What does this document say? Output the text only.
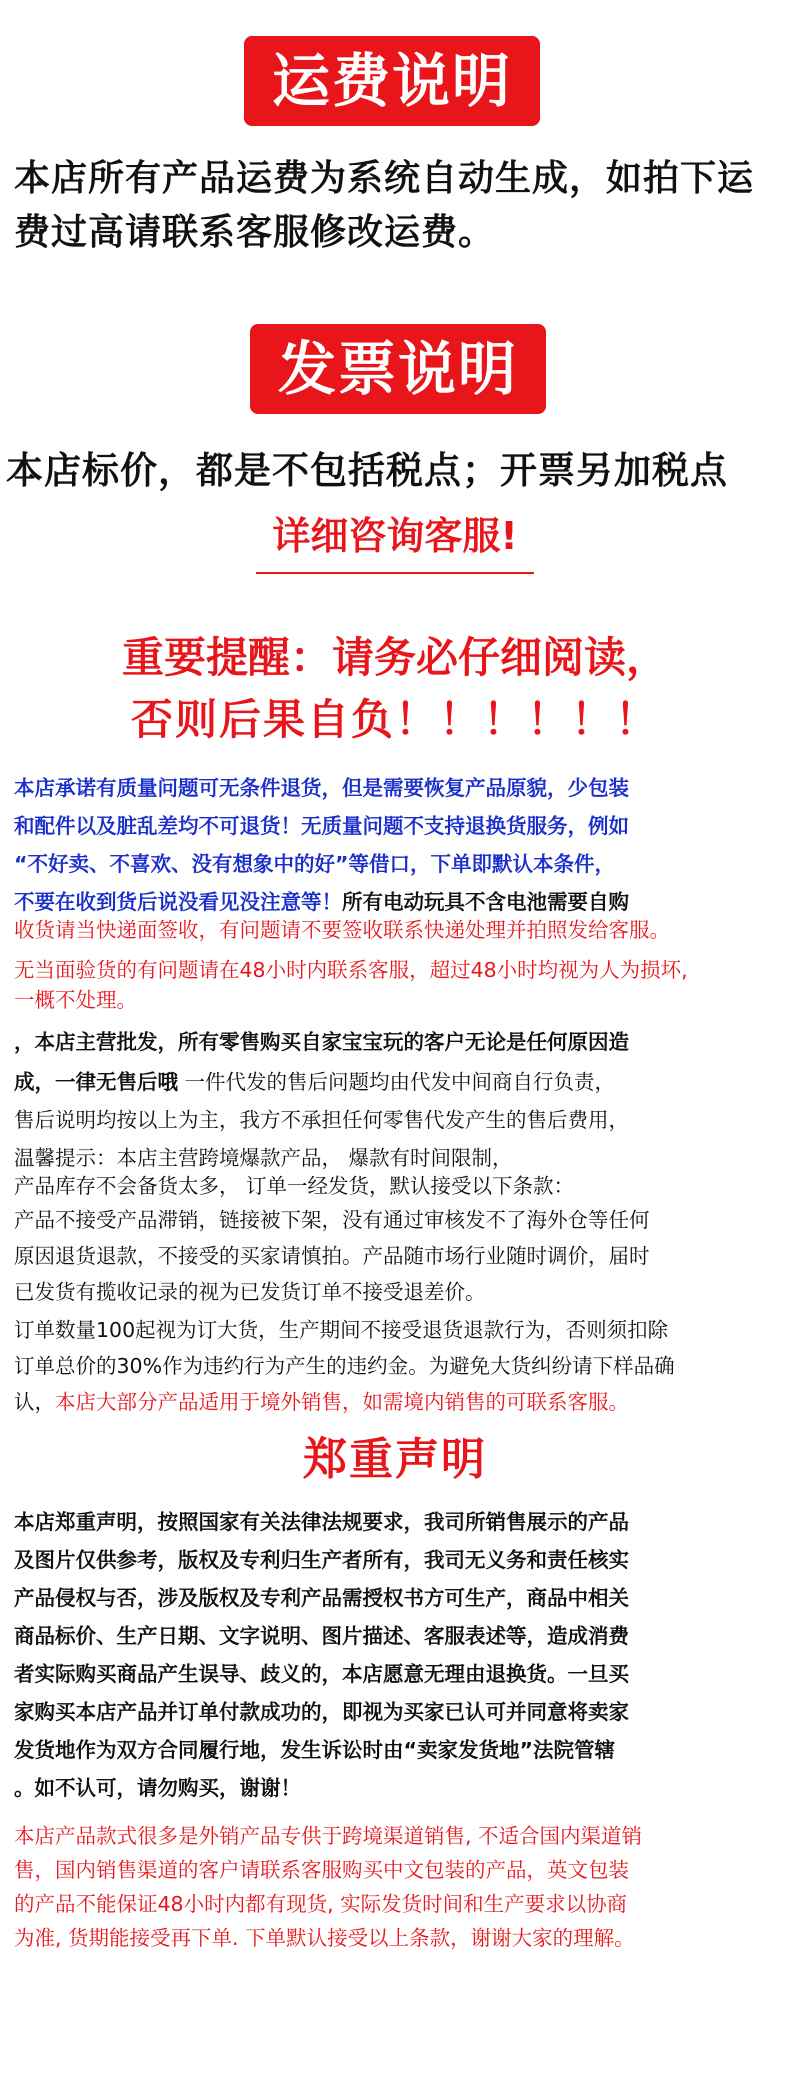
运费说明

本店所有产品运费为系统自动生成，如拍下运费过高请联系客服修改运费。

发票说明

本店标价，都是不包括税点；开票另加税点

详细咨询客服!

重要提醒：请务必仔细阅读，

否则后果自负！！！！！！

本店承诺有质量问题可无条件退货，但是需要恢复产品原貌，少包装

和配件以及脏乱差均不可退货！无质量问题不支持退换货服务，例如

“不好卖、不喜欢、没有想象中的好”等借口，下单即默认本条件，

不要在收到货后说没看见没注意等！所有电动玩具不含电池需要自购

收货请当快递面签收，有问题请不要签收联系快递处理并拍照发给客服。

无当面验货的有问题请在48小时内联系客服，超过48小时均视为人为损坏,

一概不处理。

，本店主营批发，所有零售购买自家宝宝玩的客户无论是任何原因造

成，一律无售后哦 一件代发的售后问题均由代发中间商自行负责，

售后说明均按以上为主，我方不承担任何零售代发产生的售后费用，

温馨提示：本店主营跨境爆款产品， 爆款有时间限制，

产品库存不会备货太多， 订单一经发货，默认接受以下条款：

产品不接受产品滞销，链接被下架，没有通过审核发不了海外仓等任何

原因退货退款，不接受的买家请慎拍。产品随市场行业随时调价，届时

已发货有揽收记录的视为已发货订单不接受退差价。

订单数量100起视为订大货，生产期间不接受退货退款行为，否则须扣除

订单总价的30%作为违约行为产生的违约金。为避免大货纠纷请下样品确

认，本店大部分产品适用于境外销售，如需境内销售的可联系客服。

郑重声明

本店郑重声明，按照国家有关法律法规要求，我司所销售展示的产品

及图片仅供参考，版权及专利归生产者所有，我司无义务和责任核实

产品侵权与否，涉及版权及专利产品需授权书方可生产，商品中相关

商品标价、生产日期、文字说明、图片描述、客服表述等，造成消费

者实际购买商品产生误导、歧义的，本店愿意无理由退换货。一旦买

家购买本店产品并订单付款成功的，即视为买家已认可并同意将卖家

发货地作为双方合同履行地，发生诉讼时由“卖家发货地”法院管辖

。如不认可，请勿购买，谢谢！

本店产品款式很多是外销产品专供于跨境渠道销售, 不适合国内渠道销

售，国内销售渠道的客户请联系客服购买中文包装的产品，英文包装

的产品不能保证48小时内都有现货, 实际发货时间和生产要求以协商

为准, 货期能接受再下单. 下单默认接受以上条款，谢谢大家的理解。
